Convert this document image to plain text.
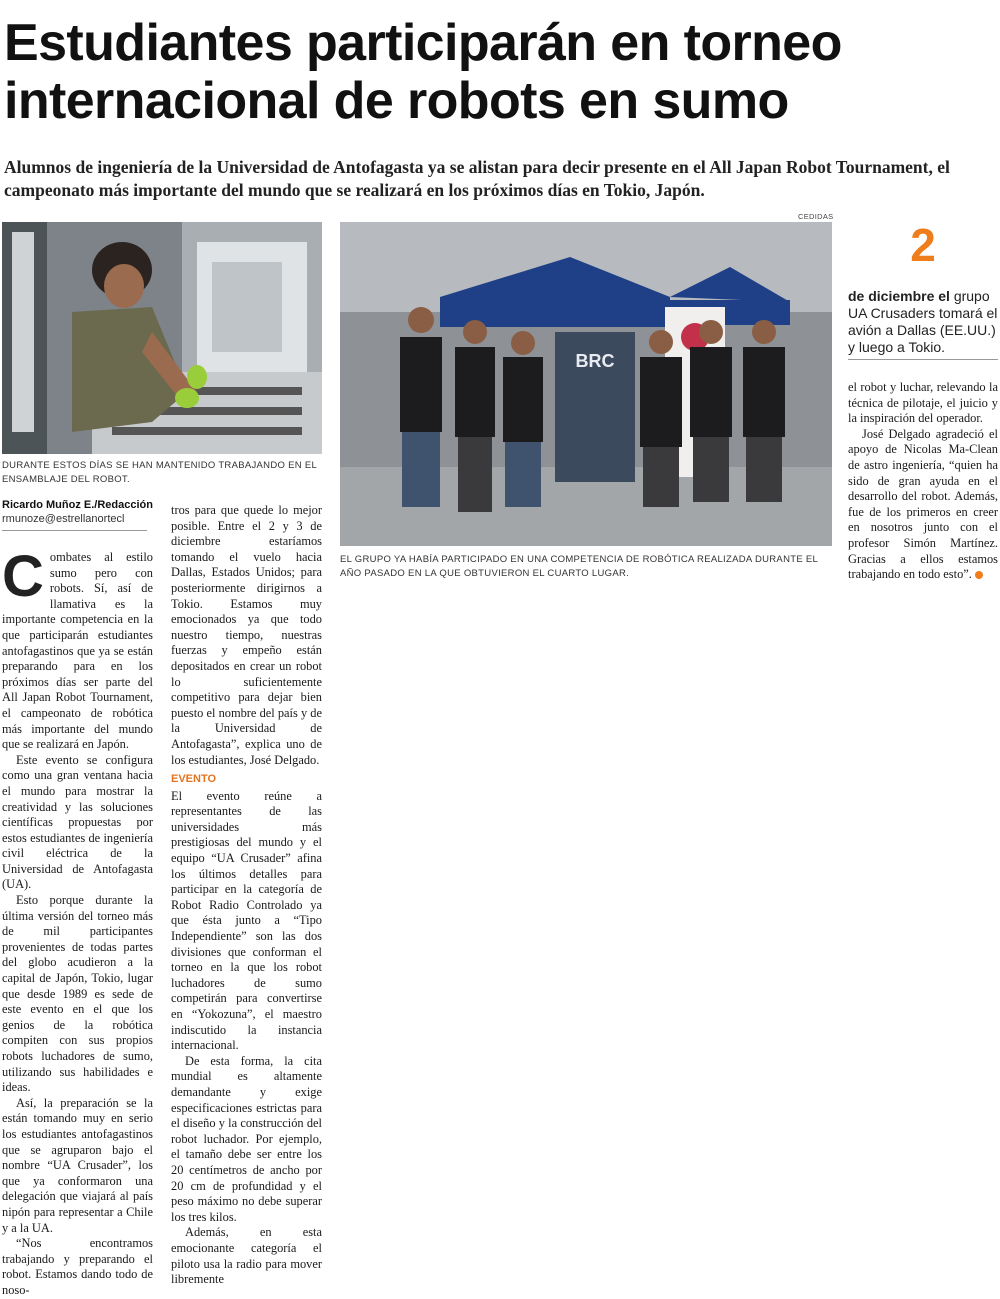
Estudiantes participarán en torneo internacional de robots en sumo

Alumnos de ingeniería de la Universidad de Antofagasta ya se alistan para decir presente en el All Japan Robot Tournament, el campeonato más importante del mundo que se realizará en los próximos días en Tokio, Japón.

DURANTE ESTOS DÍAS SE HAN MANTENIDO TRABAJANDO EN EL ENSAMBLAJE DEL ROBOT.
CEDIDAS
BRC
EL GRUPO YA HABÍA PARTICIPADO EN UNA COMPETENCIA DE ROBÓTICA REALIZADA DURANTE EL AÑO PASADO EN LA QUE OBTUVIERON EL CUARTO LUGAR.
Ricardo Muñoz E./Redacción
rmunoze@estrellanortecl

Combates al estilo sumo pero con robots. Sí, así de llamativa es la importante competencia en la que participarán estudiantes antofagastinos que ya se están preparando para en los próximos días ser parte del All Japan Robot Tournament, el campeonato de robótica más importante del mundo que se realizará en Japón.

Este evento se configura como una gran ventana hacia el mundo para mostrar la creatividad y las soluciones científicas propuestas por estos estudiantes de ingeniería civil eléctrica de la Universidad de Antofagasta (UA).

Esto porque durante la última versión del torneo más de mil participantes provenientes de todas partes del globo acudieron a la capital de Japón, Tokio, lugar que desde 1989 es sede de este evento en el que los genios de la robótica compiten con sus propios robots luchadores de sumo, utilizando sus habilidades e ideas.

Así, la preparación se la están tomando muy en serio los estudiantes antofagastinos que se agruparon bajo el nombre “UA Crusader”, los que ya conformaron una delegación que viajará al país nipón para representar a Chile y a la UA.

“Nos encontramos trabajando y preparando el robot. Estamos dando todo de noso-

tros para que quede lo mejor posible. Entre el 2 y 3 de diciembre estaríamos tomando el vuelo hacia Dallas, Estados Unidos; para posteriormente dirigirnos a Tokio. Estamos muy emocionados ya que todo nuestro tiempo, nuestras fuerzas y empeño están depositados en crear un robot lo suficientemente competitivo para dejar bien puesto el nombre del país y de la Universidad de Antofagasta”, explica uno de los estudiantes, José Delgado.

EVENTO

El evento reúne a representantes de las universidades más prestigiosas del mundo y el equipo “UA Crusader” afina los últimos detalles para participar en la categoría de Robot Radio Controlado ya que ésta junto a “Tipo Independiente” son las dos divisiones que conforman el torneo en la que los robot luchadores de sumo competirán para convertirse en “Yokozuna”, el maestro indiscutido la instancia internacional.

De esta forma, la cita mundial es altamente demandante y exige especificaciones estrictas para el diseño y la construcción del robot luchador. Por ejemplo, el tamaño debe ser entre los 20 centímetros de ancho por 20 cm de profundidad y el peso máximo no debe superar los tres kilos.

Además, en esta emocionante categoría el piloto usa la radio para mover libremente

2
de diciembre el grupo UA Crusaders tomará el avión a Dallas (EE.UU.) y luego a Tokio.

el robot y luchar, relevando la técnica de pilotaje, el juicio y la inspiración del operador.

José Delgado agradeció el apoyo de Nicolas Ma-Clean de astro ingeniería, “quien ha sido de gran ayuda en el desarrollo del robot. Además, fue de los primeros en creer en nosotros junto con el profesor Simón Martínez. Gracias a ellos estamos trabajando en todo esto”.
